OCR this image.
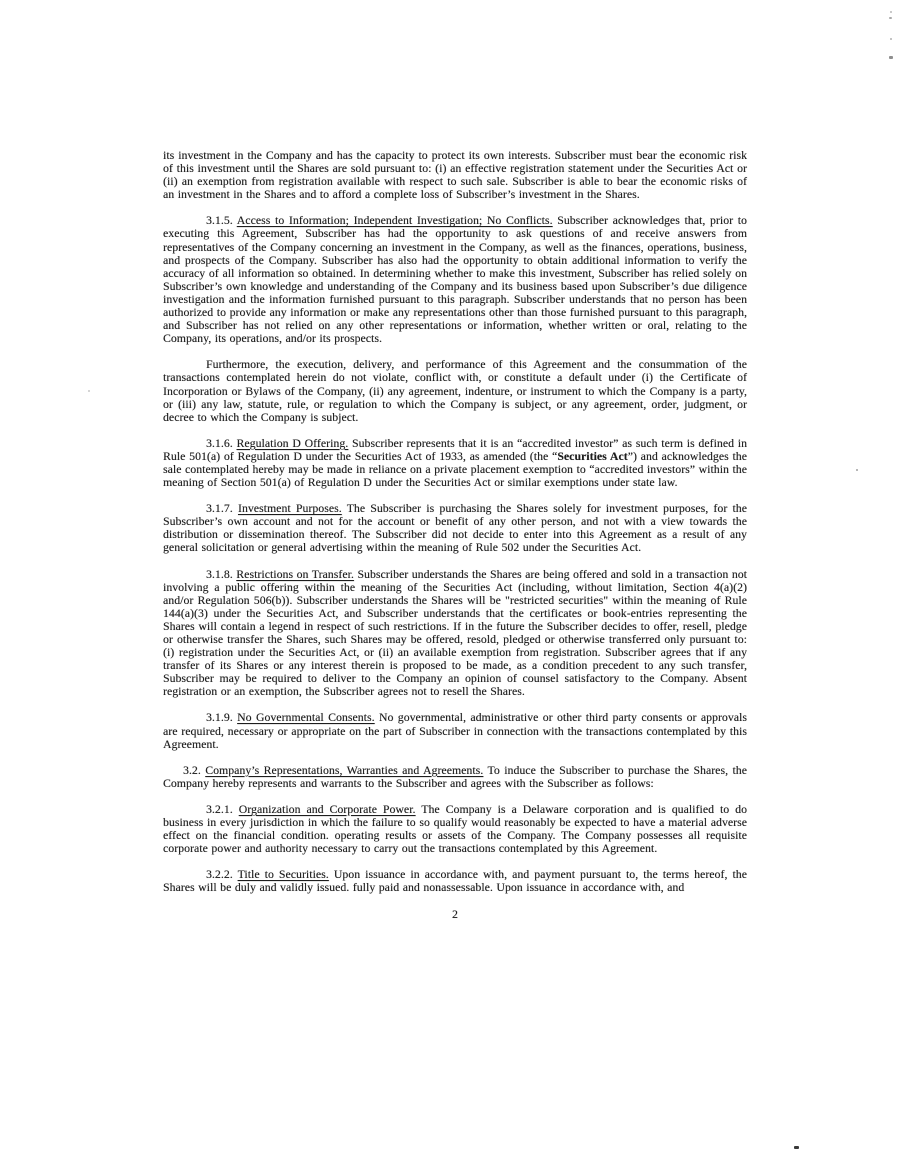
its investment in the Company and has the capacity to protect its own interests. Subscriber must bear the economic risk of this investment until the Shares are sold pursuant to: (i) an effective registration statement under the Securities Act or (ii) an exemption from registration available with respect to such sale. Subscriber is able to bear the economic risks of an investment in the Shares and to afford a complete loss of Subscriber’s investment in the Shares.

3.1.5. Access to Information; Independent Investigation; No Conflicts. Subscriber acknowledges that, prior to executing this Agreement, Subscriber has had the opportunity to ask questions of and receive answers from representatives of the Company concerning an investment in the Company, as well as the finances, operations, business, and prospects of the Company. Subscriber has also had the opportunity to obtain additional information to verify the accuracy of all information so obtained. In determining whether to make this investment, Subscriber has relied solely on Subscriber’s own knowledge and understanding of the Company and its business based upon Subscriber’s due diligence investigation and the information furnished pursuant to this paragraph. Subscriber understands that no person has been authorized to provide any information or make any representations other than those furnished pursuant to this paragraph, and Subscriber has not relied on any other representations or information, whether written or oral, relating to the Company, its operations, and/or its prospects.

Furthermore, the execution, delivery, and performance of this Agreement and the consummation of the transactions contemplated herein do not violate, conflict with, or constitute a default under (i) the Certificate of Incorporation or Bylaws of the Company, (ii) any agreement, indenture, or instrument to which the Company is a party, or (iii) any law, statute, rule, or regulation to which the Company is subject, or any agreement, order, judgment, or decree to which the Company is subject.

3.1.6. Regulation D Offering. Subscriber represents that it is an “accredited investor” as such term is defined in Rule 501(a) of Regulation D under the Securities Act of 1933, as amended (the “Securities Act”) and acknowledges the sale contemplated hereby may be made in reliance on a private placement exemption to “accredited investors” within the meaning of Section 501(a) of Regulation D under the Securities Act or similar exemptions under state law.

3.1.7. Investment Purposes. The Subscriber is purchasing the Shares solely for investment purposes, for the Subscriber’s own account and not for the account or benefit of any other person, and not with a view towards the distribution or dissemination thereof. The Subscriber did not decide to enter into this Agreement as a result of any general solicitation or general advertising within the meaning of Rule 502 under the Securities Act.

3.1.8. Restrictions on Transfer. Subscriber understands the Shares are being offered and sold in a transaction not involving a public offering within the meaning of the Securities Act (including, without limitation, Section 4(a)(2) and/or Regulation 506(b)). Subscriber understands the Shares will be "restricted securities" within the meaning of Rule 144(a)(3) under the Securities Act, and Subscriber understands that the certificates or book-entries representing the Shares will contain a legend in respect of such restrictions. If in the future the Subscriber decides to offer, resell, pledge or otherwise transfer the Shares, such Shares may be offered, resold, pledged or otherwise transferred only pursuant to: (i) registration under the Securities Act, or (ii) an available exemption from registration. Subscriber agrees that if any transfer of its Shares or any interest therein is proposed to be made, as a condition precedent to any such transfer, Subscriber may be required to deliver to the Company an opinion of counsel satisfactory to the Company. Absent registration or an exemption, the Subscriber agrees not to resell the Shares.

3.1.9. No Governmental Consents. No governmental, administrative or other third party consents or approvals are required, necessary or appropriate on the part of Subscriber in connection with the transactions contemplated by this Agreement.

3.2. Company’s Representations, Warranties and Agreements. To induce the Subscriber to purchase the Shares, the Company hereby represents and warrants to the Subscriber and agrees with the Subscriber as follows:

3.2.1. Organization and Corporate Power. The Company is a Delaware corporation and is qualified to do business in every jurisdiction in which the failure to so qualify would reasonably be expected to have a material adverse effect on the financial condition. operating results or assets of the Company. The Company possesses all requisite corporate power and authority necessary to carry out the transactions contemplated by this Agreement.

3.2.2. Title to Securities. Upon issuance in accordance with, and payment pursuant to, the terms hereof, the Shares will be duly and validly issued. fully paid and nonassessable. Upon issuance in accordance with, and

2
